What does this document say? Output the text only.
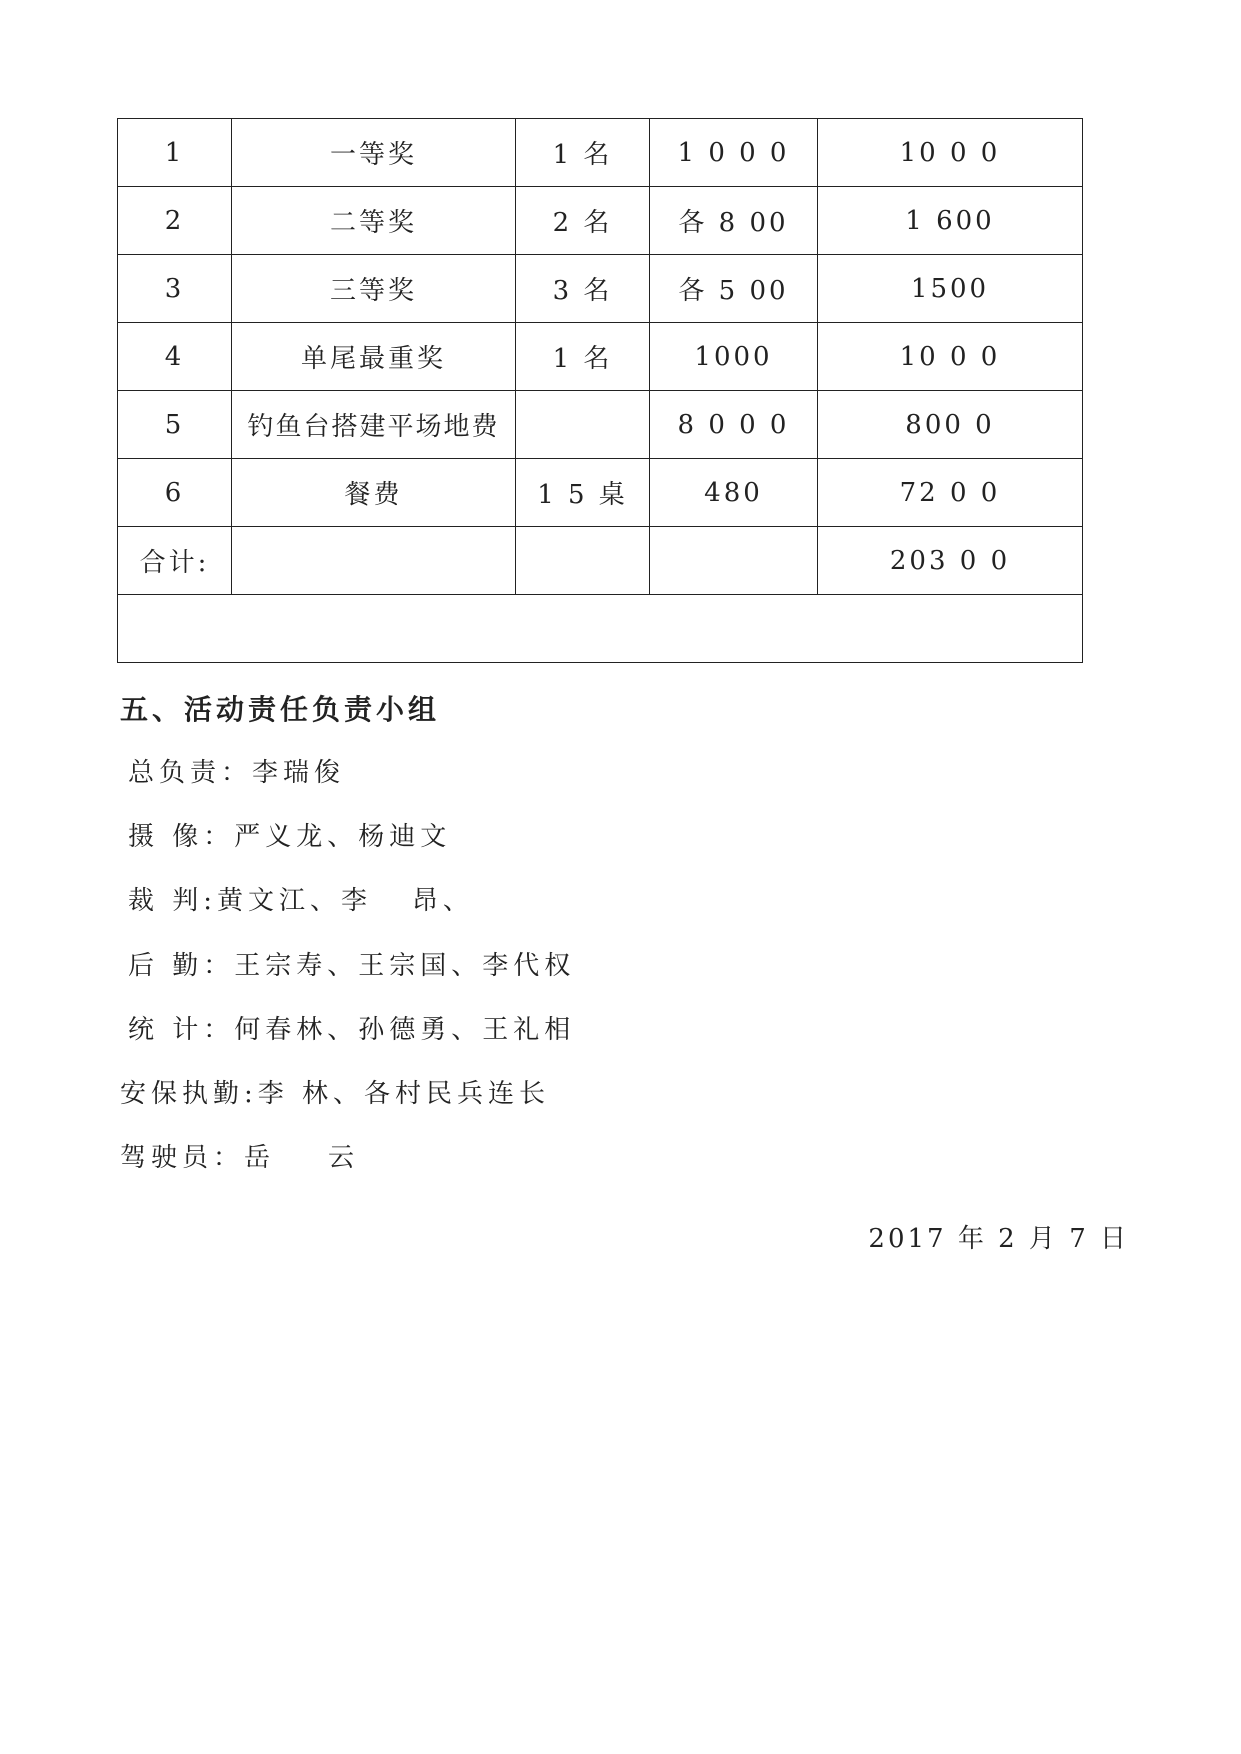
1	一等奖	1 名	1 0 0 0	10 0 0
2	二等奖	2 名	各 8 00	1 600
3	三等奖	3 名	各 5 00	1500
4	单尾最重奖	1 名	1000	10 0 0
5	钓鱼台搭建平场地费		8 0 0 0	800 0
6	餐费	1 5 桌	480	72 0 0
合计:				203 0 0

五、活动责任负责小组
总负责：李瑞俊
摄 像：严义龙、杨迪文
裁 判:黄文江、李   昂、
后 勤：王宗寿、王宗国、李代权
统 计：何春林、孙德勇、王礼相
安保执勤:李 林、各村民兵连长
驾驶员：岳    云
2017 年 2 月 7 日
